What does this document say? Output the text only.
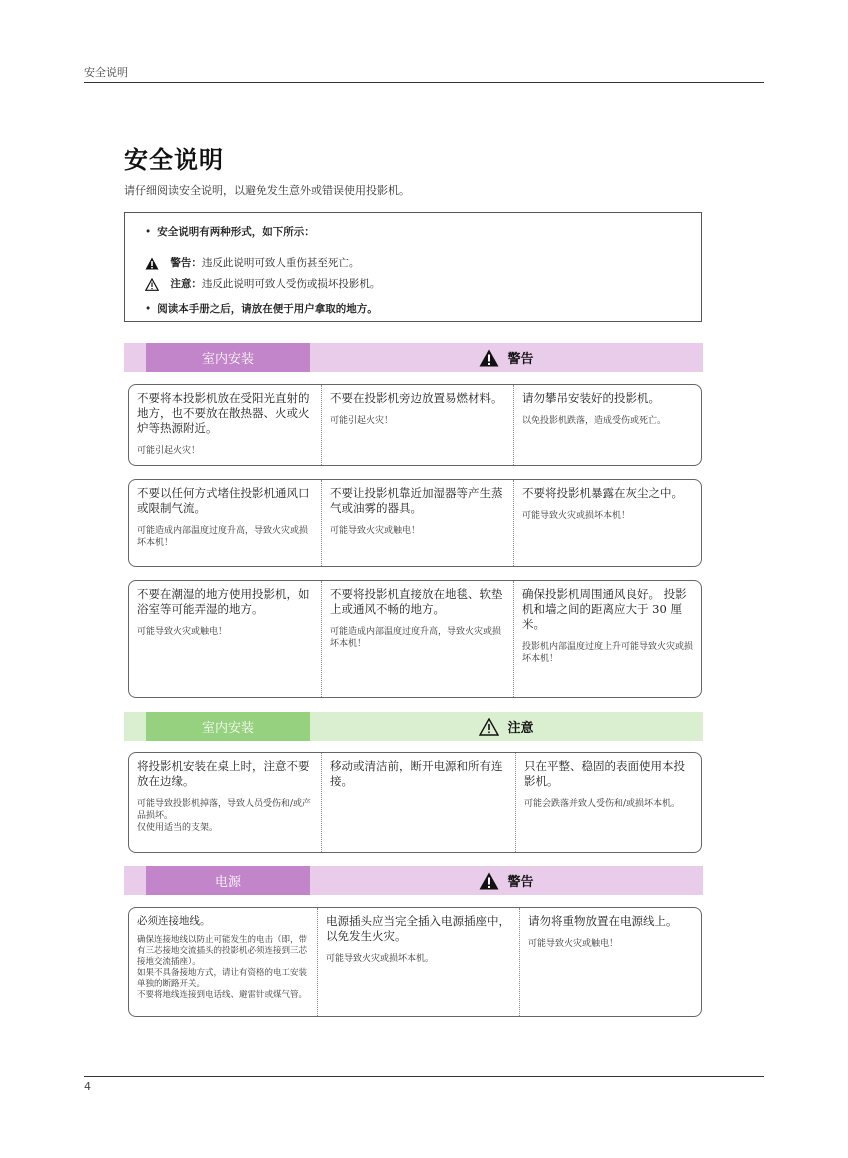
安全说明
4
安全说明
请仔细阅读安全说明，以避免发生意外或错误使用投影机。
• 安全说明有两种形式，如下所示：
警告：违反此说明可致人重伤甚至死亡。
注意：违反此说明可致人受伤或损坏投影机。
• 阅读本手册之后，请放在便于用户拿取的地方。
室内安装	警告
不要将本投影机放在受阳光直射的地方，也不要放在散热器、火或火炉等热源附近。
可能引起火灾！
不要在投影机旁边放置易燃材料。
可能引起火灾！
请勿攀吊安装好的投影机。
以免投影机跌落，造成受伤或死亡。
不要以任何方式堵住投影机通风口或限制气流。
可能造成内部温度过度升高，导致火灾或损坏本机！
不要让投影机靠近加湿器等产生蒸气或油雾的器具。
可能导致火灾或触电！
不要将投影机暴露在灰尘之中。
可能导致火灾或损坏本机！
不要在潮湿的地方使用投影机，如浴室等可能弄湿的地方。
可能导致火灾或触电！
不要将投影机直接放在地毯、软垫上或通风不畅的地方。
可能造成内部温度过度升高，导致火灾或损坏本机！
确保投影机周围通风良好。 投影机和墙之间的距离应大于 30 厘米。
投影机内部温度过度上升可能导致火灾或损坏本机！
室内安装	注意
将投影机安装在桌上时，注意不要放在边缘。
可能导致投影机掉落，导致人员受伤和/或产品损坏。
仅使用适当的支架。
移动或清洁前，断开电源和所有连接。
只在平整、稳固的表面使用本投影机。
可能会跌落并致人受伤和/或损坏本机。
电源	警告
必须连接地线。
确保连接地线以防止可能发生的电击（即，带有三芯接地交流插头的投影机必须连接到三芯接地交流插座）。
如果不具备接地方式，请让有资格的电工安装单独的断路开关。
不要将地线连接到电话线、避雷针或煤气管。
电源插头应当完全插入电源插座中，以免发生火灾。
可能导致火灾或损坏本机。
请勿将重物放置在电源线上。
可能导致火灾或触电！
